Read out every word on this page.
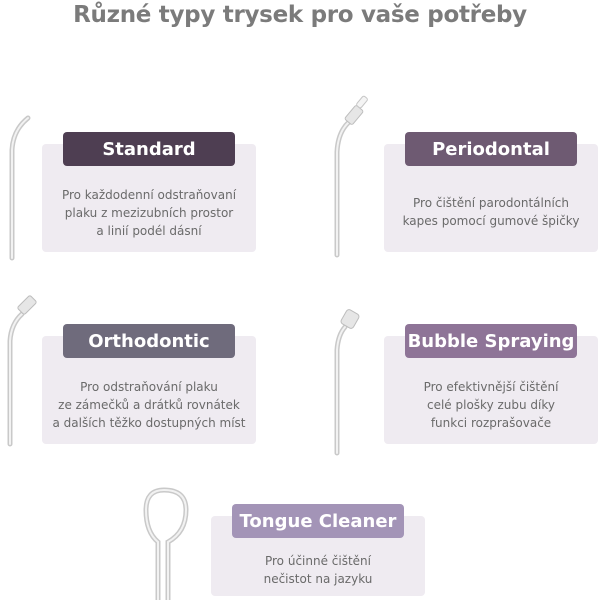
Různé typy trysek pro vaše potřeby
Pro každodenní odstraňovaní
plaku z mezizubních prostor
a linií podél dásní
Standard
Pro čištění parodontálních
kapes pomocí gumové špičky
Periodontal
Pro odstraňování plaku
ze zámečků a drátků rovnátek
a dalších těžko dostupných míst
Orthodontic
Pro efektivnější čištění
celé plošky zubu díky
funkci rozprašovače
Bubble Spraying
Pro účinné čištění
nečistot na jazyku
Tongue Cleaner
